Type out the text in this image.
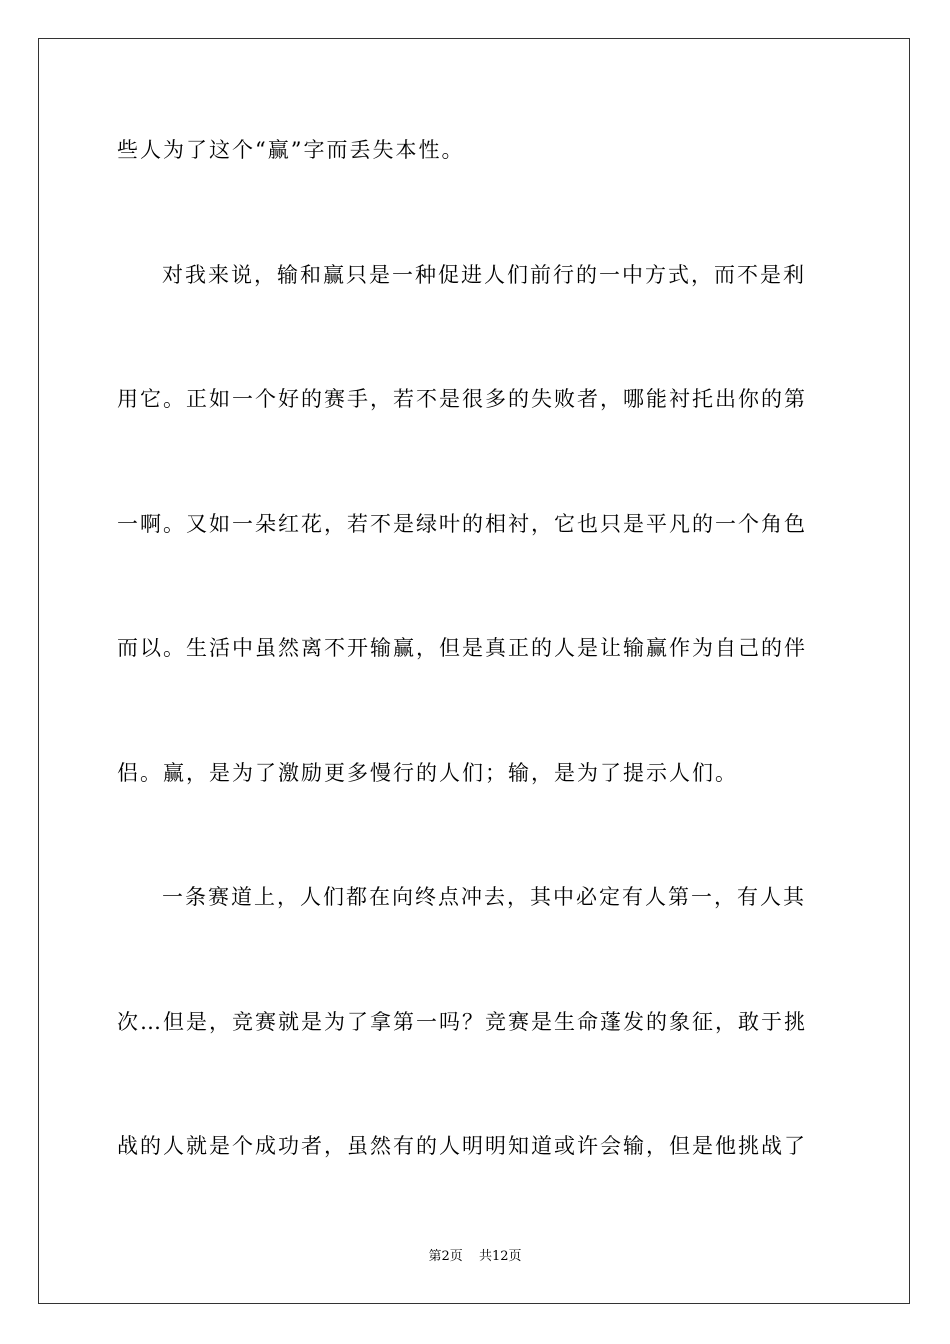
些人为了这个“赢”字而丢失本性。
对我来说，输和赢只是一种促进人们前行的一中方式，而不是利
用它。正如一个好的赛手，若不是很多的失败者，哪能衬托出你的第
一啊。又如一朵红花，若不是绿叶的相衬，它也只是平凡的一个角色
而以。生活中虽然离不开输赢，但是真正的人是让输赢作为自己的伴
侣。赢，是为了激励更多慢行的人们；输，是为了提示人们。
一条赛道上，人们都在向终点冲去，其中必定有人第一，有人其
次…但是，竞赛就是为了拿第一吗？竞赛是生命蓬发的象征，敢于挑
战的人就是个成功者，虽然有的人明明知道或许会输，但是他挑战了
第2页 共12页
